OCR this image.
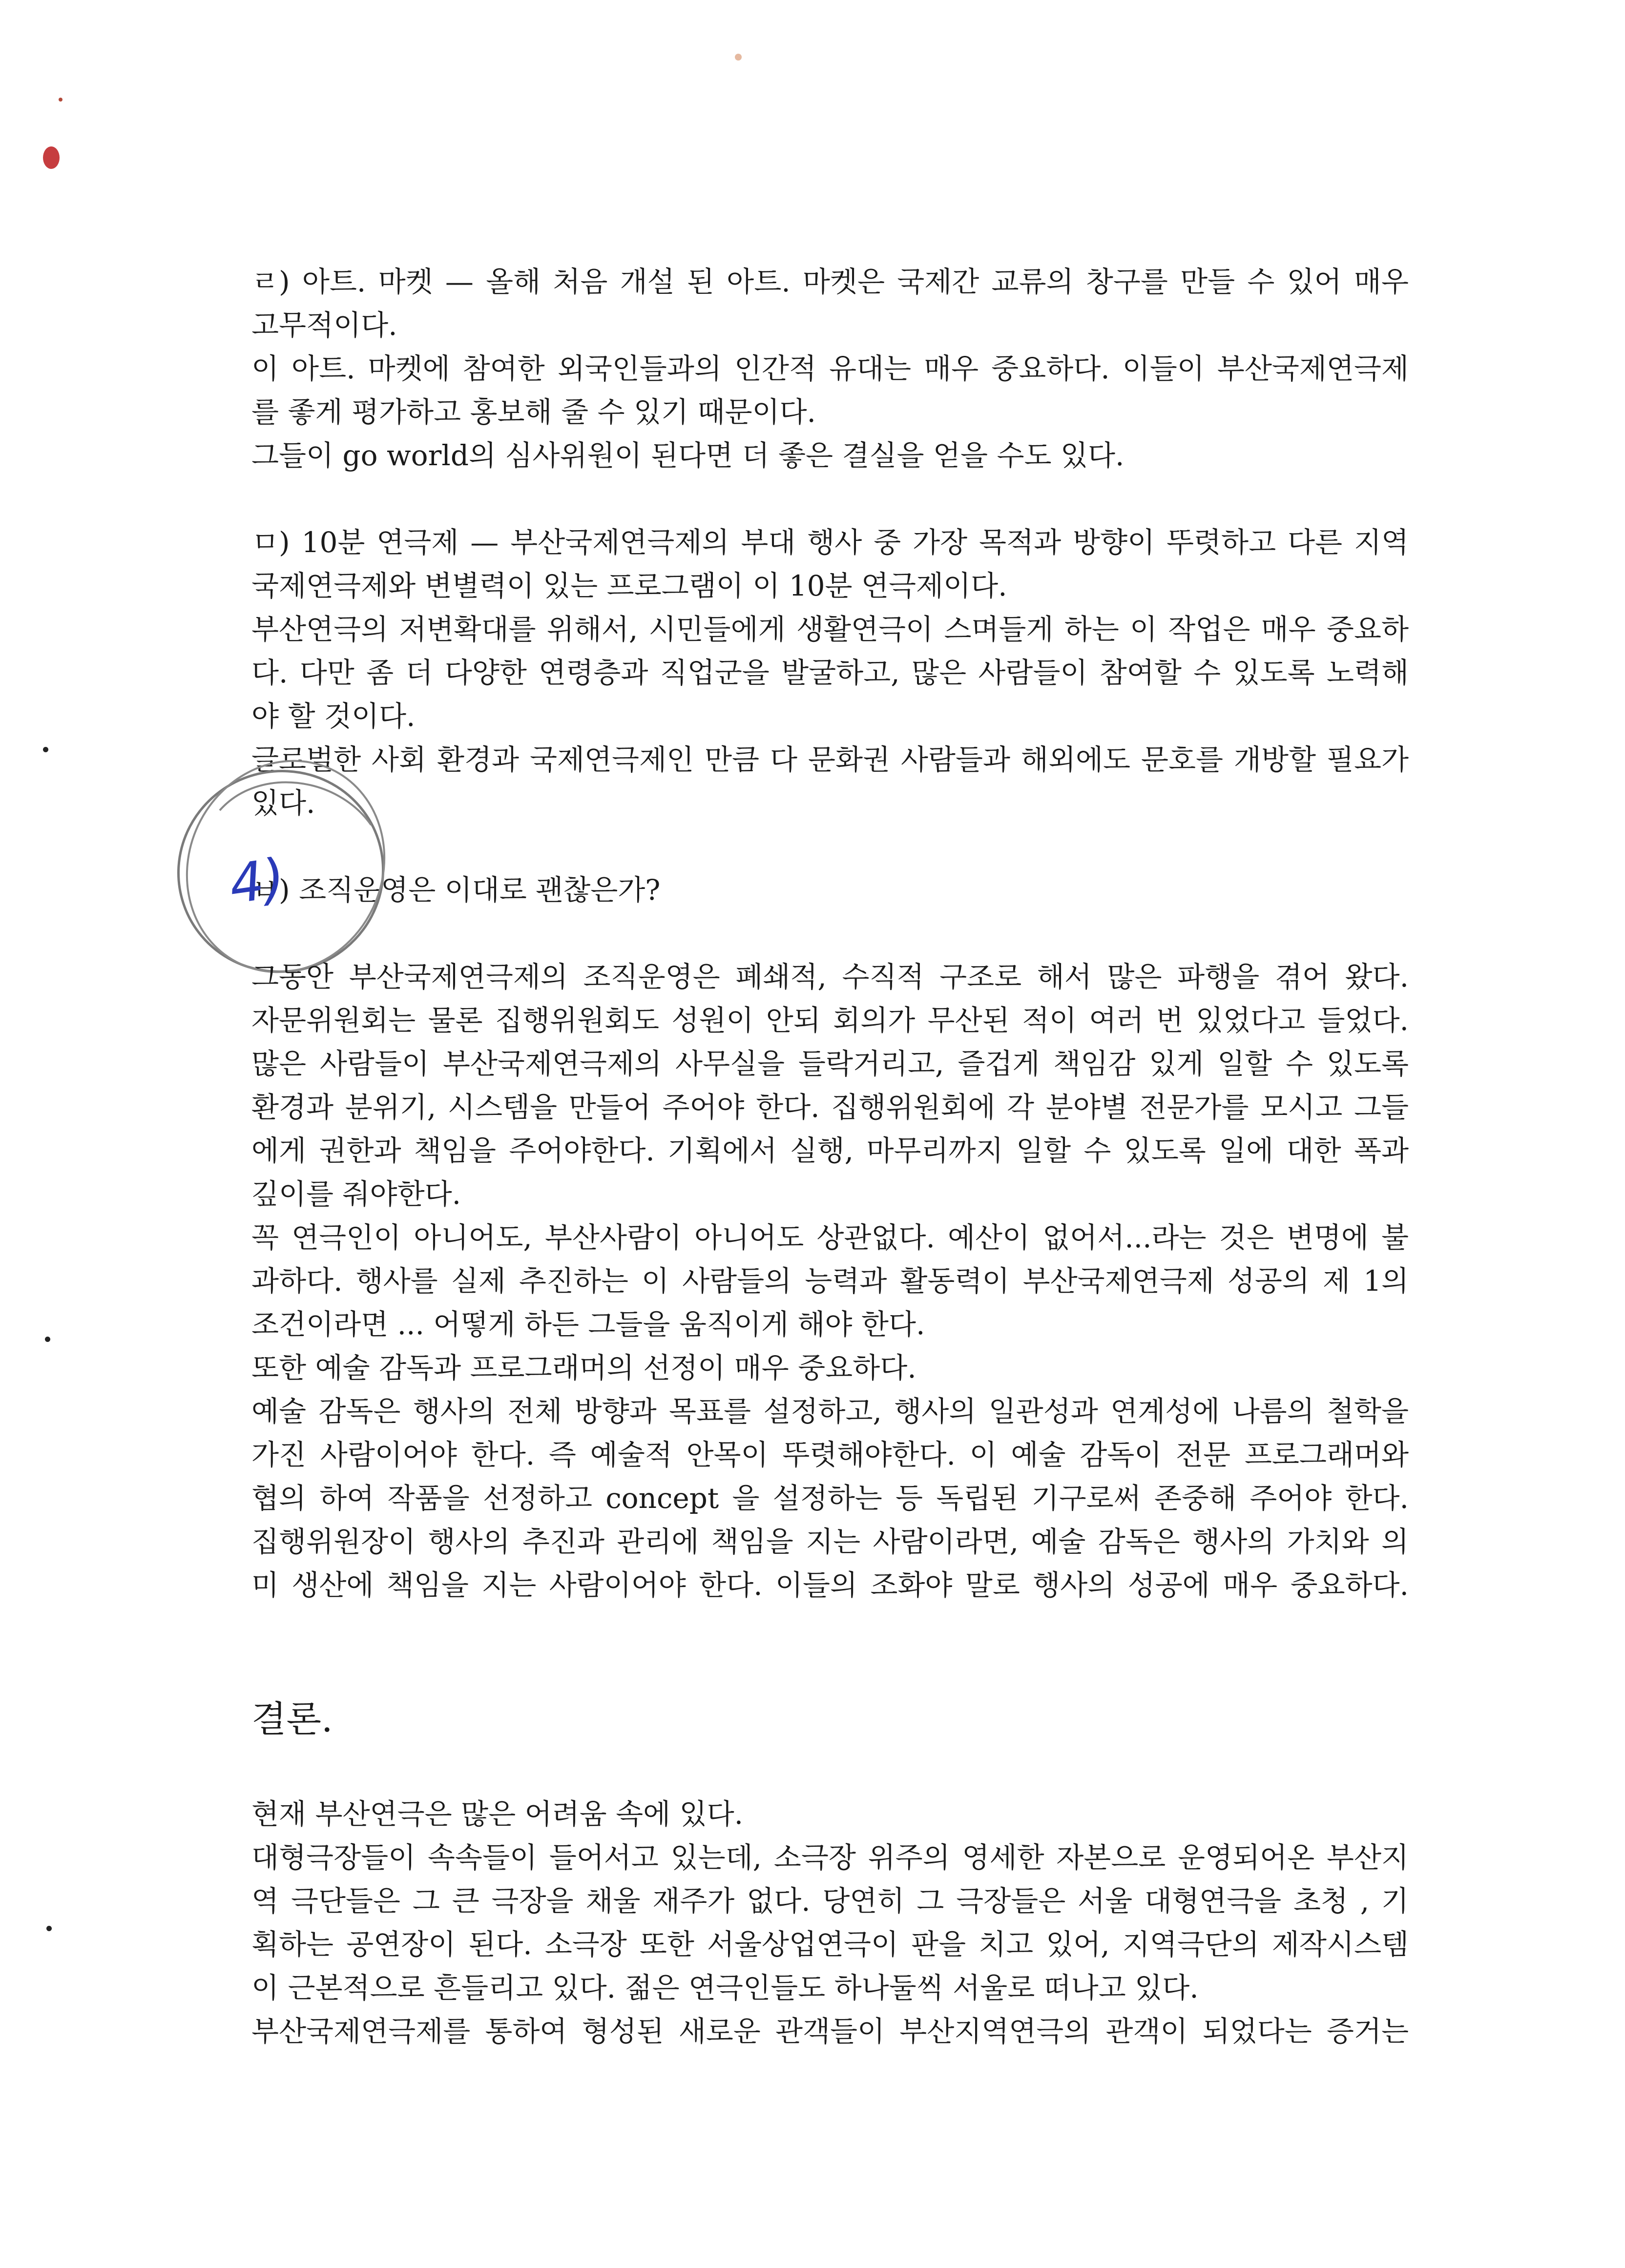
ㄹ) 아트. 마켓 — 올해 처음 개설 된 아트. 마켓은 국제간 교류의 창구를 만들 수 있어 매우
고무적이다.
이 아트. 마켓에 참여한 외국인들과의 인간적 유대는 매우 중요하다. 이들이 부산국제연극제
를 좋게 평가하고 홍보해 줄 수 있기 때문이다.
그들이 go world의 심사위원이 된다면 더 좋은 결실을 얻을 수도 있다.
ㅁ) 10분 연극제 — 부산국제연극제의 부대 행사 중 가장 목적과 방향이 뚜렷하고 다른 지역
국제연극제와 변별력이 있는 프로그램이 이 10분 연극제이다.
부산연극의 저변확대를 위해서, 시민들에게 생활연극이 스며들게 하는 이 작업은 매우 중요하
다. 다만 좀 더 다양한 연령층과 직업군을 발굴하고, 많은 사람들이 참여할 수 있도록 노력해
야 할 것이다.
글로벌한 사회 환경과 국제연극제인 만큼 다 문화권 사람들과 해외에도 문호를 개방할 필요가
있다.
ㅂ) 조직운영은 이대로 괜찮은가?
4)
그동안 부산국제연극제의 조직운영은 폐쇄적, 수직적 구조로 해서 많은 파행을 겪어 왔다.
자문위원회는 물론 집행위원회도 성원이 안되 회의가 무산된 적이 여러 번 있었다고 들었다.
많은 사람들이 부산국제연극제의 사무실을 들락거리고, 즐겁게 책임감 있게 일할 수 있도록
환경과 분위기, 시스템을 만들어 주어야 한다. 집행위원회에 각 분야별 전문가를 모시고 그들
에게 권한과 책임을 주어야한다. 기획에서 실행, 마무리까지 일할 수 있도록 일에 대한 폭과
깊이를 줘야한다.
꼭 연극인이 아니어도, 부산사람이 아니어도 상관없다. 예산이 없어서...라는 것은 변명에 불
과하다. 행사를 실제 추진하는 이 사람들의 능력과 활동력이 부산국제연극제 성공의 제 1의
조건이라면 ... 어떻게 하든 그들을 움직이게 해야 한다.
또한 예술 감독과 프로그래머의 선정이 매우 중요하다.
예술 감독은 행사의 전체 방향과 목표를 설정하고, 행사의 일관성과 연계성에 나름의 철학을
가진 사람이어야 한다. 즉 예술적 안목이 뚜렷해야한다. 이 예술 감독이 전문 프로그래머와
협의 하여 작품을 선정하고 concept 을 설정하는 등 독립된 기구로써 존중해 주어야 한다.
집행위원장이 행사의 추진과 관리에 책임을 지는 사람이라면, 예술 감독은 행사의 가치와 의
미 생산에 책임을 지는 사람이어야 한다. 이들의 조화야 말로 행사의 성공에 매우 중요하다.
결론.
현재 부산연극은 많은 어려움 속에 있다.
대형극장들이 속속들이 들어서고 있는데, 소극장 위주의 영세한 자본으로 운영되어온 부산지
역 극단들은 그 큰 극장을 채울 재주가 없다. 당연히 그 극장들은 서울 대형연극을 초청 , 기
획하는 공연장이 된다. 소극장 또한 서울상업연극이 판을 치고 있어, 지역극단의 제작시스템
이 근본적으로 흔들리고 있다. 젊은 연극인들도 하나둘씩 서울로 떠나고 있다.
부산국제연극제를 통하여 형성된 새로운 관객들이 부산지역연극의 관객이 되었다는 증거는
